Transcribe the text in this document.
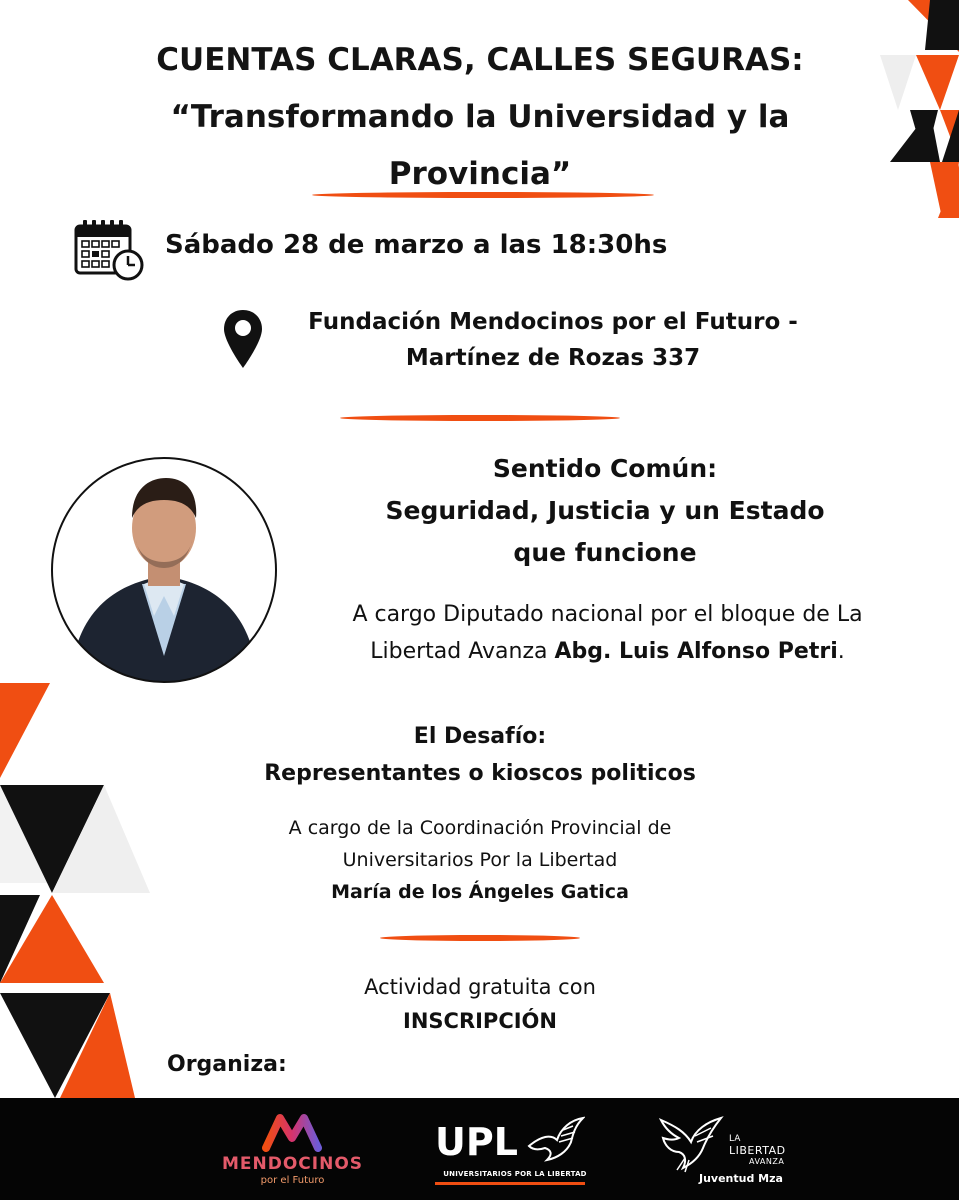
CUENTAS CLARAS, CALLES SEGURAS:
“Transformando la Universidad y la
Provincia”
Sábado 28 de marzo a las 18:30hs
Fundación Mendocinos por el Futuro -
Martínez de Rozas 337
Sentido Común:
Seguridad, Justicia y un Estado
que funcione
A cargo Diputado nacional por el bloque de La
Libertad Avanza Abg. Luis Alfonso Petri.
El Desafío:
Representantes o kioscos politicos
A cargo de la Coordinación Provincial de
Universitarios Por la Libertad
María de los Ángeles Gatica
Actividad gratuita con
INSCRIPCIÓN
Organiza:
MENDOCINOS
por el Futuro
UPL
UNIVERSITARIOS POR LA LIBERTAD
LA
LIBERTAD
AVANZA
Juventud Mza
